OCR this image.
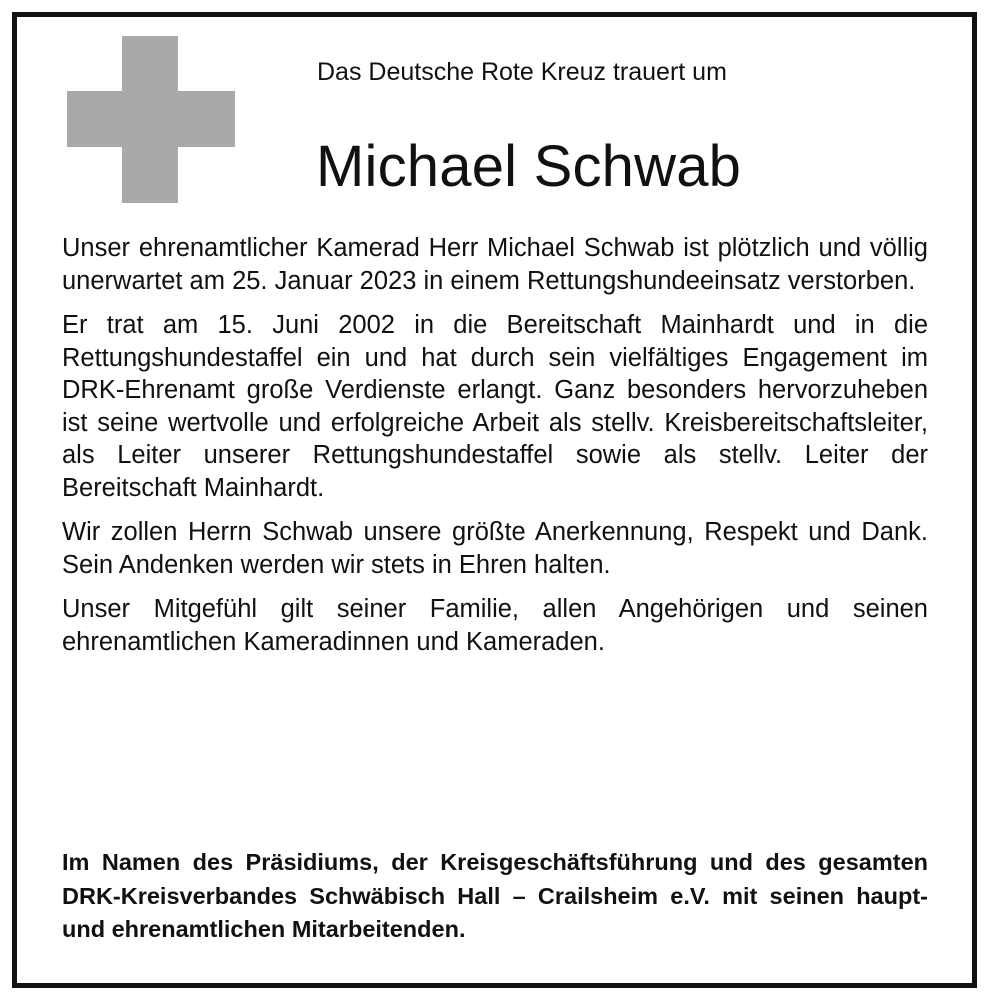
Das Deutsche Rote Kreuz trauert um
Michael Schwab

Unser ehrenamtlicher Kamerad Herr Michael Schwab ist plötzlich und völlig unerwartet am 25. Januar 2023 in einem Rettungshundeeinsatz verstorben.

Er trat am 15. Juni 2002 in die Bereitschaft Mainhardt und in die Rettungshundestaffel ein und hat durch sein vielfältiges Engagement im DRK-Ehrenamt große Verdienste erlangt. Ganz besonders hervorzuheben ist seine wertvolle und erfolgreiche Arbeit als stellv. Kreisbereitschaftsleiter, als Leiter unserer Rettungshundestaffel sowie als stellv. Leiter der Bereitschaft Mainhardt.

Wir zollen Herrn Schwab unsere größte Anerkennung, Respekt und Dank. Sein Andenken werden wir stets in Ehren halten.

Unser Mitgefühl gilt seiner Familie, allen Angehörigen und seinen ehrenamtlichen Kameradinnen und Kameraden.

Im Namen des Präsidiums, der Kreisgeschäftsführung und des gesamten DRK-Kreisverbandes Schwäbisch Hall – Crailsheim e.V. mit seinen haupt- und ehrenamtlichen Mitarbeitenden.
